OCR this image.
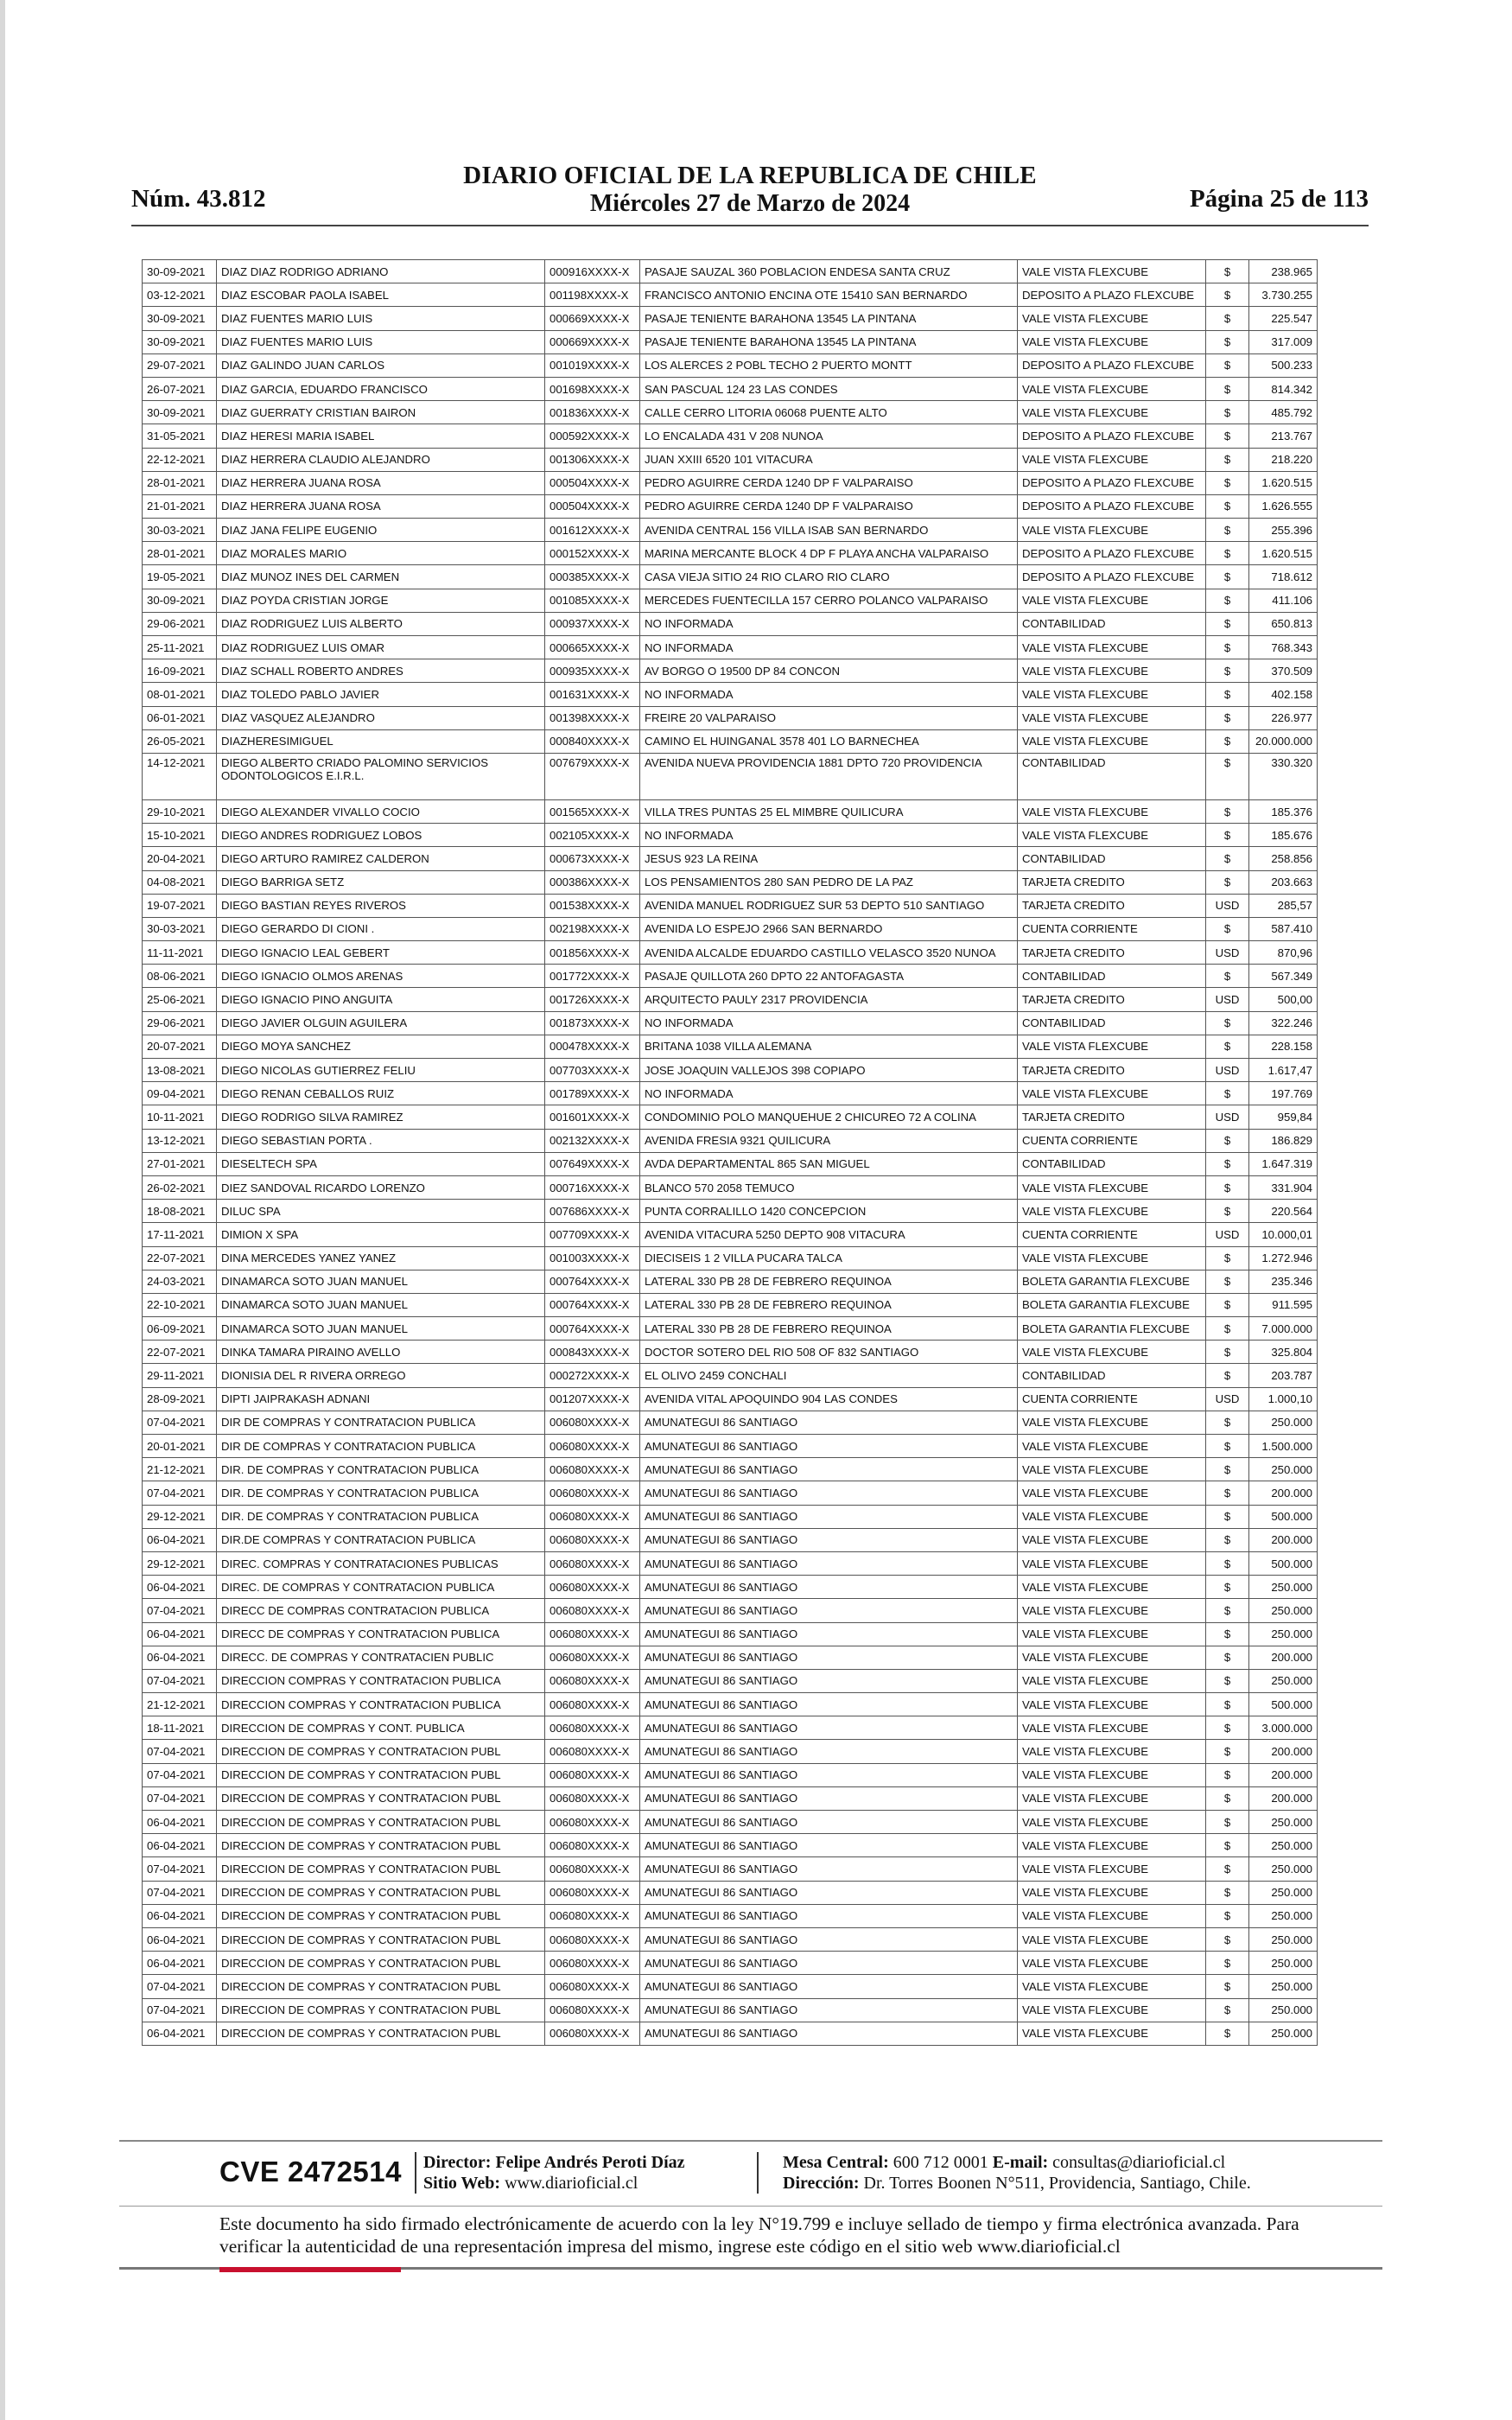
DIARIO OFICIAL DE LA REPUBLICA DE CHILE
Miércoles 27 de Marzo de 2024
Núm. 43.812	Página 25 de 113
30-09-2021	DIAZ DIAZ RODRIGO ADRIANO	000916XXXX-X	PASAJE SAUZAL 360 POBLACION ENDESA SANTA CRUZ	VALE VISTA FLEXCUBE	$	238.965
03-12-2021	DIAZ ESCOBAR PAOLA ISABEL	001198XXXX-X	FRANCISCO ANTONIO ENCINA OTE 15410 SAN BERNARDO	DEPOSITO A PLAZO FLEXCUBE	$	3.730.255
30-09-2021	DIAZ FUENTES MARIO LUIS	000669XXXX-X	PASAJE TENIENTE BARAHONA 13545 LA PINTANA	VALE VISTA FLEXCUBE	$	225.547
30-09-2021	DIAZ FUENTES MARIO LUIS	000669XXXX-X	PASAJE TENIENTE BARAHONA 13545 LA PINTANA	VALE VISTA FLEXCUBE	$	317.009
29-07-2021	DIAZ GALINDO JUAN CARLOS	001019XXXX-X	LOS ALERCES 2 POBL TECHO 2 PUERTO MONTT	DEPOSITO A PLAZO FLEXCUBE	$	500.233
26-07-2021	DIAZ GARCIA, EDUARDO FRANCISCO	001698XXXX-X	SAN PASCUAL 124 23 LAS CONDES	VALE VISTA FLEXCUBE	$	814.342
30-09-2021	DIAZ GUERRATY CRISTIAN BAIRON	001836XXXX-X	CALLE CERRO LITORIA 06068 PUENTE ALTO	VALE VISTA FLEXCUBE	$	485.792
31-05-2021	DIAZ HERESI MARIA ISABEL	000592XXXX-X	LO ENCALADA 431 V 208 NUNOA	DEPOSITO A PLAZO FLEXCUBE	$	213.767
22-12-2021	DIAZ HERRERA CLAUDIO ALEJANDRO	001306XXXX-X	JUAN XXIII 6520 101 VITACURA	VALE VISTA FLEXCUBE	$	218.220
28-01-2021	DIAZ HERRERA JUANA ROSA	000504XXXX-X	PEDRO AGUIRRE CERDA 1240 DP F VALPARAISO	DEPOSITO A PLAZO FLEXCUBE	$	1.620.515
21-01-2021	DIAZ HERRERA JUANA ROSA	000504XXXX-X	PEDRO AGUIRRE CERDA 1240 DP F VALPARAISO	DEPOSITO A PLAZO FLEXCUBE	$	1.626.555
30-03-2021	DIAZ JANA FELIPE EUGENIO	001612XXXX-X	AVENIDA CENTRAL 156 VILLA ISAB SAN BERNARDO	VALE VISTA FLEXCUBE	$	255.396
28-01-2021	DIAZ MORALES MARIO	000152XXXX-X	MARINA MERCANTE BLOCK 4 DP F PLAYA ANCHA VALPARAISO	DEPOSITO A PLAZO FLEXCUBE	$	1.620.515
19-05-2021	DIAZ MUNOZ INES DEL CARMEN	000385XXXX-X	CASA VIEJA SITIO 24 RIO CLARO RIO CLARO	DEPOSITO A PLAZO FLEXCUBE	$	718.612
30-09-2021	DIAZ POYDA CRISTIAN JORGE	001085XXXX-X	MERCEDES FUENTECILLA 157 CERRO POLANCO VALPARAISO	VALE VISTA FLEXCUBE	$	411.106
29-06-2021	DIAZ RODRIGUEZ LUIS ALBERTO	000937XXXX-X	NO INFORMADA	CONTABILIDAD	$	650.813
25-11-2021	DIAZ RODRIGUEZ LUIS OMAR	000665XXXX-X	NO INFORMADA	VALE VISTA FLEXCUBE	$	768.343
16-09-2021	DIAZ SCHALL ROBERTO ANDRES	000935XXXX-X	AV BORGO O 19500 DP 84 CONCON	VALE VISTA FLEXCUBE	$	370.509
08-01-2021	DIAZ TOLEDO PABLO JAVIER	001631XXXX-X	NO INFORMADA	VALE VISTA FLEXCUBE	$	402.158
06-01-2021	DIAZ VASQUEZ ALEJANDRO	001398XXXX-X	FREIRE 20 VALPARAISO	VALE VISTA FLEXCUBE	$	226.977
26-05-2021	DIAZHERESIMIGUEL	000840XXXX-X	CAMINO EL HUINGANAL 3578 401 LO BARNECHEA	VALE VISTA FLEXCUBE	$	20.000.000
14-12-2021	DIEGO ALBERTO CRIADO PALOMINO SERVICIOS ODONTOLOGICOS E.I.R.L.	007679XXXX-X	AVENIDA NUEVA PROVIDENCIA 1881 DPTO 720 PROVIDENCIA	CONTABILIDAD	$	330.320
29-10-2021	DIEGO ALEXANDER VIVALLO COCIO	001565XXXX-X	VILLA TRES PUNTAS 25 EL MIMBRE QUILICURA	VALE VISTA FLEXCUBE	$	185.376
15-10-2021	DIEGO ANDRES RODRIGUEZ LOBOS	002105XXXX-X	NO INFORMADA	VALE VISTA FLEXCUBE	$	185.676
20-04-2021	DIEGO ARTURO RAMIREZ CALDERON	000673XXXX-X	JESUS 923 LA REINA	CONTABILIDAD	$	258.856
04-08-2021	DIEGO BARRIGA SETZ	000386XXXX-X	LOS PENSAMIENTOS 280 SAN PEDRO DE LA PAZ	TARJETA CREDITO	$	203.663
19-07-2021	DIEGO BASTIAN REYES RIVEROS	001538XXXX-X	AVENIDA MANUEL RODRIGUEZ SUR 53 DEPTO 510 SANTIAGO	TARJETA CREDITO	USD	285,57
30-03-2021	DIEGO GERARDO DI CIONI .	002198XXXX-X	AVENIDA LO ESPEJO 2966 SAN BERNARDO	CUENTA CORRIENTE	$	587.410
11-11-2021	DIEGO IGNACIO LEAL GEBERT	001856XXXX-X	AVENIDA ALCALDE EDUARDO CASTILLO VELASCO 3520 NUNOA	TARJETA CREDITO	USD	870,96
08-06-2021	DIEGO IGNACIO OLMOS ARENAS	001772XXXX-X	PASAJE QUILLOTA 260 DPTO 22 ANTOFAGASTA	CONTABILIDAD	$	567.349
25-06-2021	DIEGO IGNACIO PINO ANGUITA	001726XXXX-X	ARQUITECTO PAULY 2317 PROVIDENCIA	TARJETA CREDITO	USD	500,00
29-06-2021	DIEGO JAVIER OLGUIN AGUILERA	001873XXXX-X	NO INFORMADA	CONTABILIDAD	$	322.246
20-07-2021	DIEGO MOYA SANCHEZ	000478XXXX-X	BRITANA 1038 VILLA ALEMANA	VALE VISTA FLEXCUBE	$	228.158
13-08-2021	DIEGO NICOLAS GUTIERREZ FELIU	007703XXXX-X	JOSE JOAQUIN VALLEJOS 398 COPIAPO	TARJETA CREDITO	USD	1.617,47
09-04-2021	DIEGO RENAN CEBALLOS RUIZ	001789XXXX-X	NO INFORMADA	VALE VISTA FLEXCUBE	$	197.769
10-11-2021	DIEGO RODRIGO SILVA RAMIREZ	001601XXXX-X	CONDOMINIO POLO MANQUEHUE 2 CHICUREO 72 A COLINA	TARJETA CREDITO	USD	959,84
13-12-2021	DIEGO SEBASTIAN PORTA .	002132XXXX-X	AVENIDA FRESIA 9321 QUILICURA	CUENTA CORRIENTE	$	186.829
27-01-2021	DIESELTECH SPA	007649XXXX-X	AVDA DEPARTAMENTAL 865 SAN MIGUEL	CONTABILIDAD	$	1.647.319
26-02-2021	DIEZ SANDOVAL RICARDO LORENZO	000716XXXX-X	BLANCO 570 2058 TEMUCO	VALE VISTA FLEXCUBE	$	331.904
18-08-2021	DILUC SPA	007686XXXX-X	PUNTA CORRALILLO 1420 CONCEPCION	VALE VISTA FLEXCUBE	$	220.564
17-11-2021	DIMION X SPA	007709XXXX-X	AVENIDA VITACURA 5250 DEPTO 908 VITACURA	CUENTA CORRIENTE	USD	10.000,01
22-07-2021	DINA MERCEDES YANEZ YANEZ	001003XXXX-X	DIECISEIS 1 2 VILLA PUCARA TALCA	VALE VISTA FLEXCUBE	$	1.272.946
24-03-2021	DINAMARCA SOTO JUAN MANUEL	000764XXXX-X	LATERAL 330 PB 28 DE FEBRERO REQUINOA	BOLETA GARANTIA FLEXCUBE	$	235.346
22-10-2021	DINAMARCA SOTO JUAN MANUEL	000764XXXX-X	LATERAL 330 PB 28 DE FEBRERO REQUINOA	BOLETA GARANTIA FLEXCUBE	$	911.595
06-09-2021	DINAMARCA SOTO JUAN MANUEL	000764XXXX-X	LATERAL 330 PB 28 DE FEBRERO REQUINOA	BOLETA GARANTIA FLEXCUBE	$	7.000.000
22-07-2021	DINKA TAMARA PIRAINO AVELLO	000843XXXX-X	DOCTOR SOTERO DEL RIO 508 OF 832 SANTIAGO	VALE VISTA FLEXCUBE	$	325.804
29-11-2021	DIONISIA DEL R RIVERA ORREGO	000272XXXX-X	EL OLIVO 2459 CONCHALI	CONTABILIDAD	$	203.787
28-09-2021	DIPTI JAIPRAKASH ADNANI	001207XXXX-X	AVENIDA VITAL APOQUINDO 904 LAS CONDES	CUENTA CORRIENTE	USD	1.000,10
07-04-2021	DIR DE COMPRAS Y CONTRATACION PUBLICA	006080XXXX-X	AMUNATEGUI 86 SANTIAGO	VALE VISTA FLEXCUBE	$	250.000
20-01-2021	DIR DE COMPRAS Y CONTRATACION PUBLICA	006080XXXX-X	AMUNATEGUI 86 SANTIAGO	VALE VISTA FLEXCUBE	$	1.500.000
21-12-2021	DIR. DE COMPRAS Y CONTRATACION PUBLICA	006080XXXX-X	AMUNATEGUI 86 SANTIAGO	VALE VISTA FLEXCUBE	$	250.000
07-04-2021	DIR. DE COMPRAS Y CONTRATACION PUBLICA	006080XXXX-X	AMUNATEGUI 86 SANTIAGO	VALE VISTA FLEXCUBE	$	200.000
29-12-2021	DIR. DE COMPRAS Y CONTRATACION PUBLICA	006080XXXX-X	AMUNATEGUI 86 SANTIAGO	VALE VISTA FLEXCUBE	$	500.000
06-04-2021	DIR.DE COMPRAS Y CONTRATACION PUBLICA	006080XXXX-X	AMUNATEGUI 86 SANTIAGO	VALE VISTA FLEXCUBE	$	200.000
29-12-2021	DIREC. COMPRAS Y CONTRATACIONES PUBLICAS	006080XXXX-X	AMUNATEGUI 86 SANTIAGO	VALE VISTA FLEXCUBE	$	500.000
06-04-2021	DIREC. DE COMPRAS Y CONTRATACION PUBLICA	006080XXXX-X	AMUNATEGUI 86 SANTIAGO	VALE VISTA FLEXCUBE	$	250.000
07-04-2021	DIRECC DE COMPRAS CONTRATACION PUBLICA	006080XXXX-X	AMUNATEGUI 86 SANTIAGO	VALE VISTA FLEXCUBE	$	250.000
06-04-2021	DIRECC DE COMPRAS Y CONTRATACION PUBLICA	006080XXXX-X	AMUNATEGUI 86 SANTIAGO	VALE VISTA FLEXCUBE	$	250.000
06-04-2021	DIRECC. DE COMPRAS Y CONTRATACIEN PUBLIC	006080XXXX-X	AMUNATEGUI 86 SANTIAGO	VALE VISTA FLEXCUBE	$	200.000
07-04-2021	DIRECCION COMPRAS Y CONTRATACION PUBLICA	006080XXXX-X	AMUNATEGUI 86 SANTIAGO	VALE VISTA FLEXCUBE	$	250.000
21-12-2021	DIRECCION COMPRAS Y CONTRATACION PUBLICA	006080XXXX-X	AMUNATEGUI 86 SANTIAGO	VALE VISTA FLEXCUBE	$	500.000
18-11-2021	DIRECCION DE COMPRAS Y CONT. PUBLICA	006080XXXX-X	AMUNATEGUI 86 SANTIAGO	VALE VISTA FLEXCUBE	$	3.000.000
07-04-2021	DIRECCION DE COMPRAS Y CONTRATACION PUBL	006080XXXX-X	AMUNATEGUI 86 SANTIAGO	VALE VISTA FLEXCUBE	$	200.000
07-04-2021	DIRECCION DE COMPRAS Y CONTRATACION PUBL	006080XXXX-X	AMUNATEGUI 86 SANTIAGO	VALE VISTA FLEXCUBE	$	200.000
07-04-2021	DIRECCION DE COMPRAS Y CONTRATACION PUBL	006080XXXX-X	AMUNATEGUI 86 SANTIAGO	VALE VISTA FLEXCUBE	$	200.000
06-04-2021	DIRECCION DE COMPRAS Y CONTRATACION PUBL	006080XXXX-X	AMUNATEGUI 86 SANTIAGO	VALE VISTA FLEXCUBE	$	250.000
06-04-2021	DIRECCION DE COMPRAS Y CONTRATACION PUBL	006080XXXX-X	AMUNATEGUI 86 SANTIAGO	VALE VISTA FLEXCUBE	$	250.000
07-04-2021	DIRECCION DE COMPRAS Y CONTRATACION PUBL	006080XXXX-X	AMUNATEGUI 86 SANTIAGO	VALE VISTA FLEXCUBE	$	250.000
07-04-2021	DIRECCION DE COMPRAS Y CONTRATACION PUBL	006080XXXX-X	AMUNATEGUI 86 SANTIAGO	VALE VISTA FLEXCUBE	$	250.000
06-04-2021	DIRECCION DE COMPRAS Y CONTRATACION PUBL	006080XXXX-X	AMUNATEGUI 86 SANTIAGO	VALE VISTA FLEXCUBE	$	250.000
06-04-2021	DIRECCION DE COMPRAS Y CONTRATACION PUBL	006080XXXX-X	AMUNATEGUI 86 SANTIAGO	VALE VISTA FLEXCUBE	$	250.000
06-04-2021	DIRECCION DE COMPRAS Y CONTRATACION PUBL	006080XXXX-X	AMUNATEGUI 86 SANTIAGO	VALE VISTA FLEXCUBE	$	250.000
07-04-2021	DIRECCION DE COMPRAS Y CONTRATACION PUBL	006080XXXX-X	AMUNATEGUI 86 SANTIAGO	VALE VISTA FLEXCUBE	$	250.000
07-04-2021	DIRECCION DE COMPRAS Y CONTRATACION PUBL	006080XXXX-X	AMUNATEGUI 86 SANTIAGO	VALE VISTA FLEXCUBE	$	250.000
06-04-2021	DIRECCION DE COMPRAS Y CONTRATACION PUBL	006080XXXX-X	AMUNATEGUI 86 SANTIAGO	VALE VISTA FLEXCUBE	$	250.000
CVE 2472514 Director: Felipe Andrés Peroti Díaz
Sitio Web: www.diarioficial.cl
Mesa Central: 600 712 0001 E-mail: consultas@diarioficial.cl
Dirección: Dr. Torres Boonen N°511, Providencia, Santiago, Chile.
Este documento ha sido firmado electrónicamente de acuerdo con la ley N°19.799 e incluye sellado de tiempo y firma electrónica avanzada. Para verificar la autenticidad de una representación impresa del mismo, ingrese este código en el sitio web www.diarioficial.cl
